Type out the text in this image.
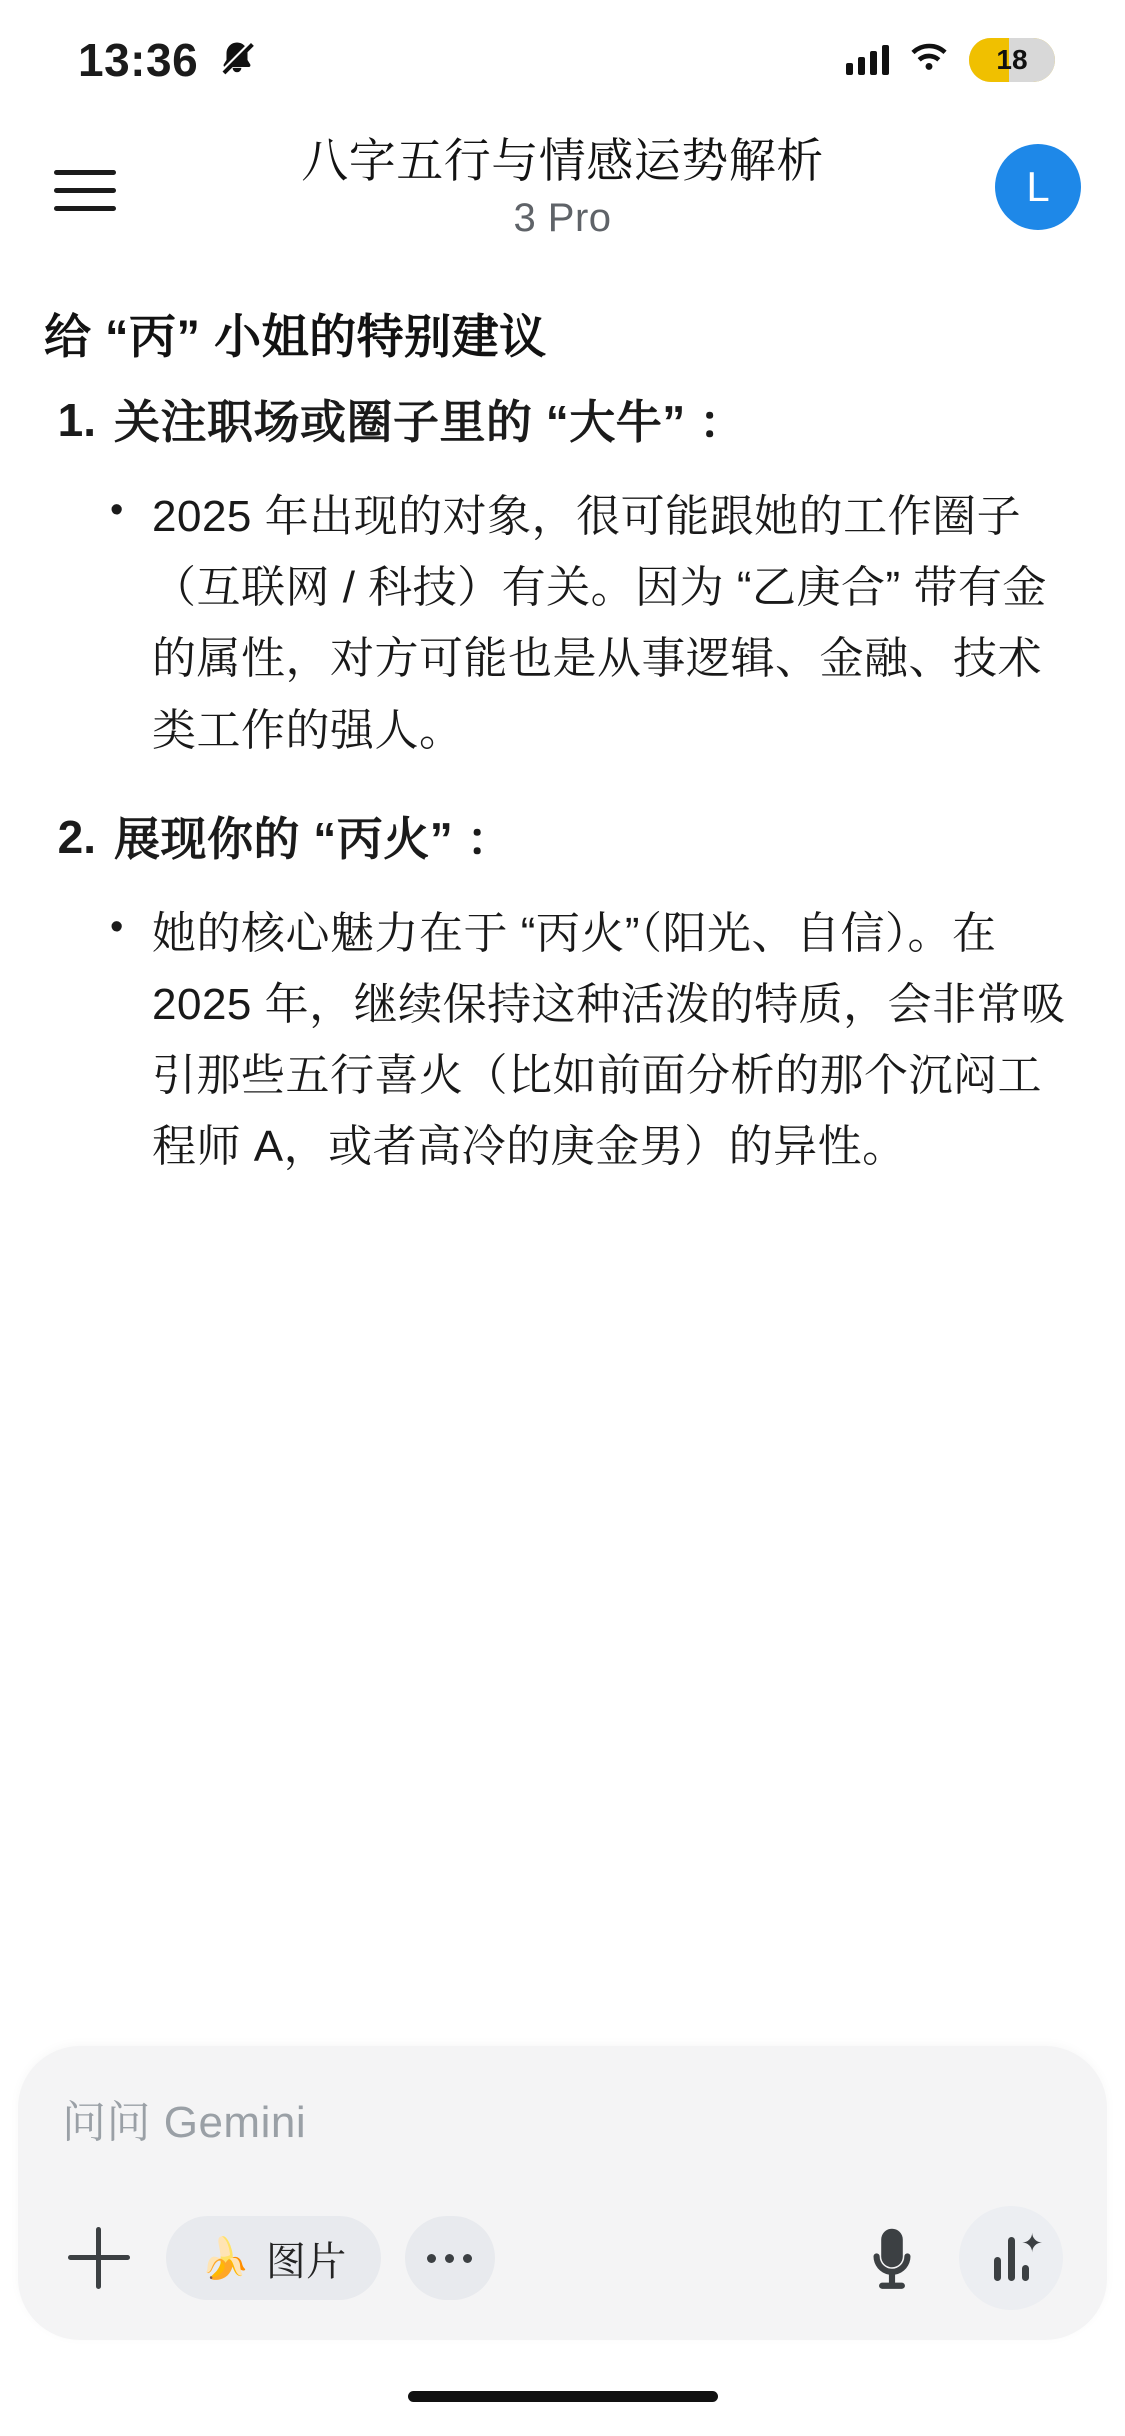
13:36	18
八字五行与情感运势解析
3 Pro
L
给 “丙” 小姐的特别建议
1. 关注职场或圈子里的 “大牛” ：
• 2025 年出现的对象，很可能跟她的工作圈子（互联网 / 科技）有关。因为 “乙庚合” 带有金的属性，对方可能也是从事逻辑、金融、技术类工作的强人。
2. 展现你的 “丙火” ：
• 她的核心魅力在于 “丙火”（阳光、自信）。在 2025 年，继续保持这种活泼的特质，会非常吸引那些五行喜火（比如前面分析的那个沉闷工程师 A，或者高冷的庚金男）的异性。
问问 Gemini
🍌 图片	✦
